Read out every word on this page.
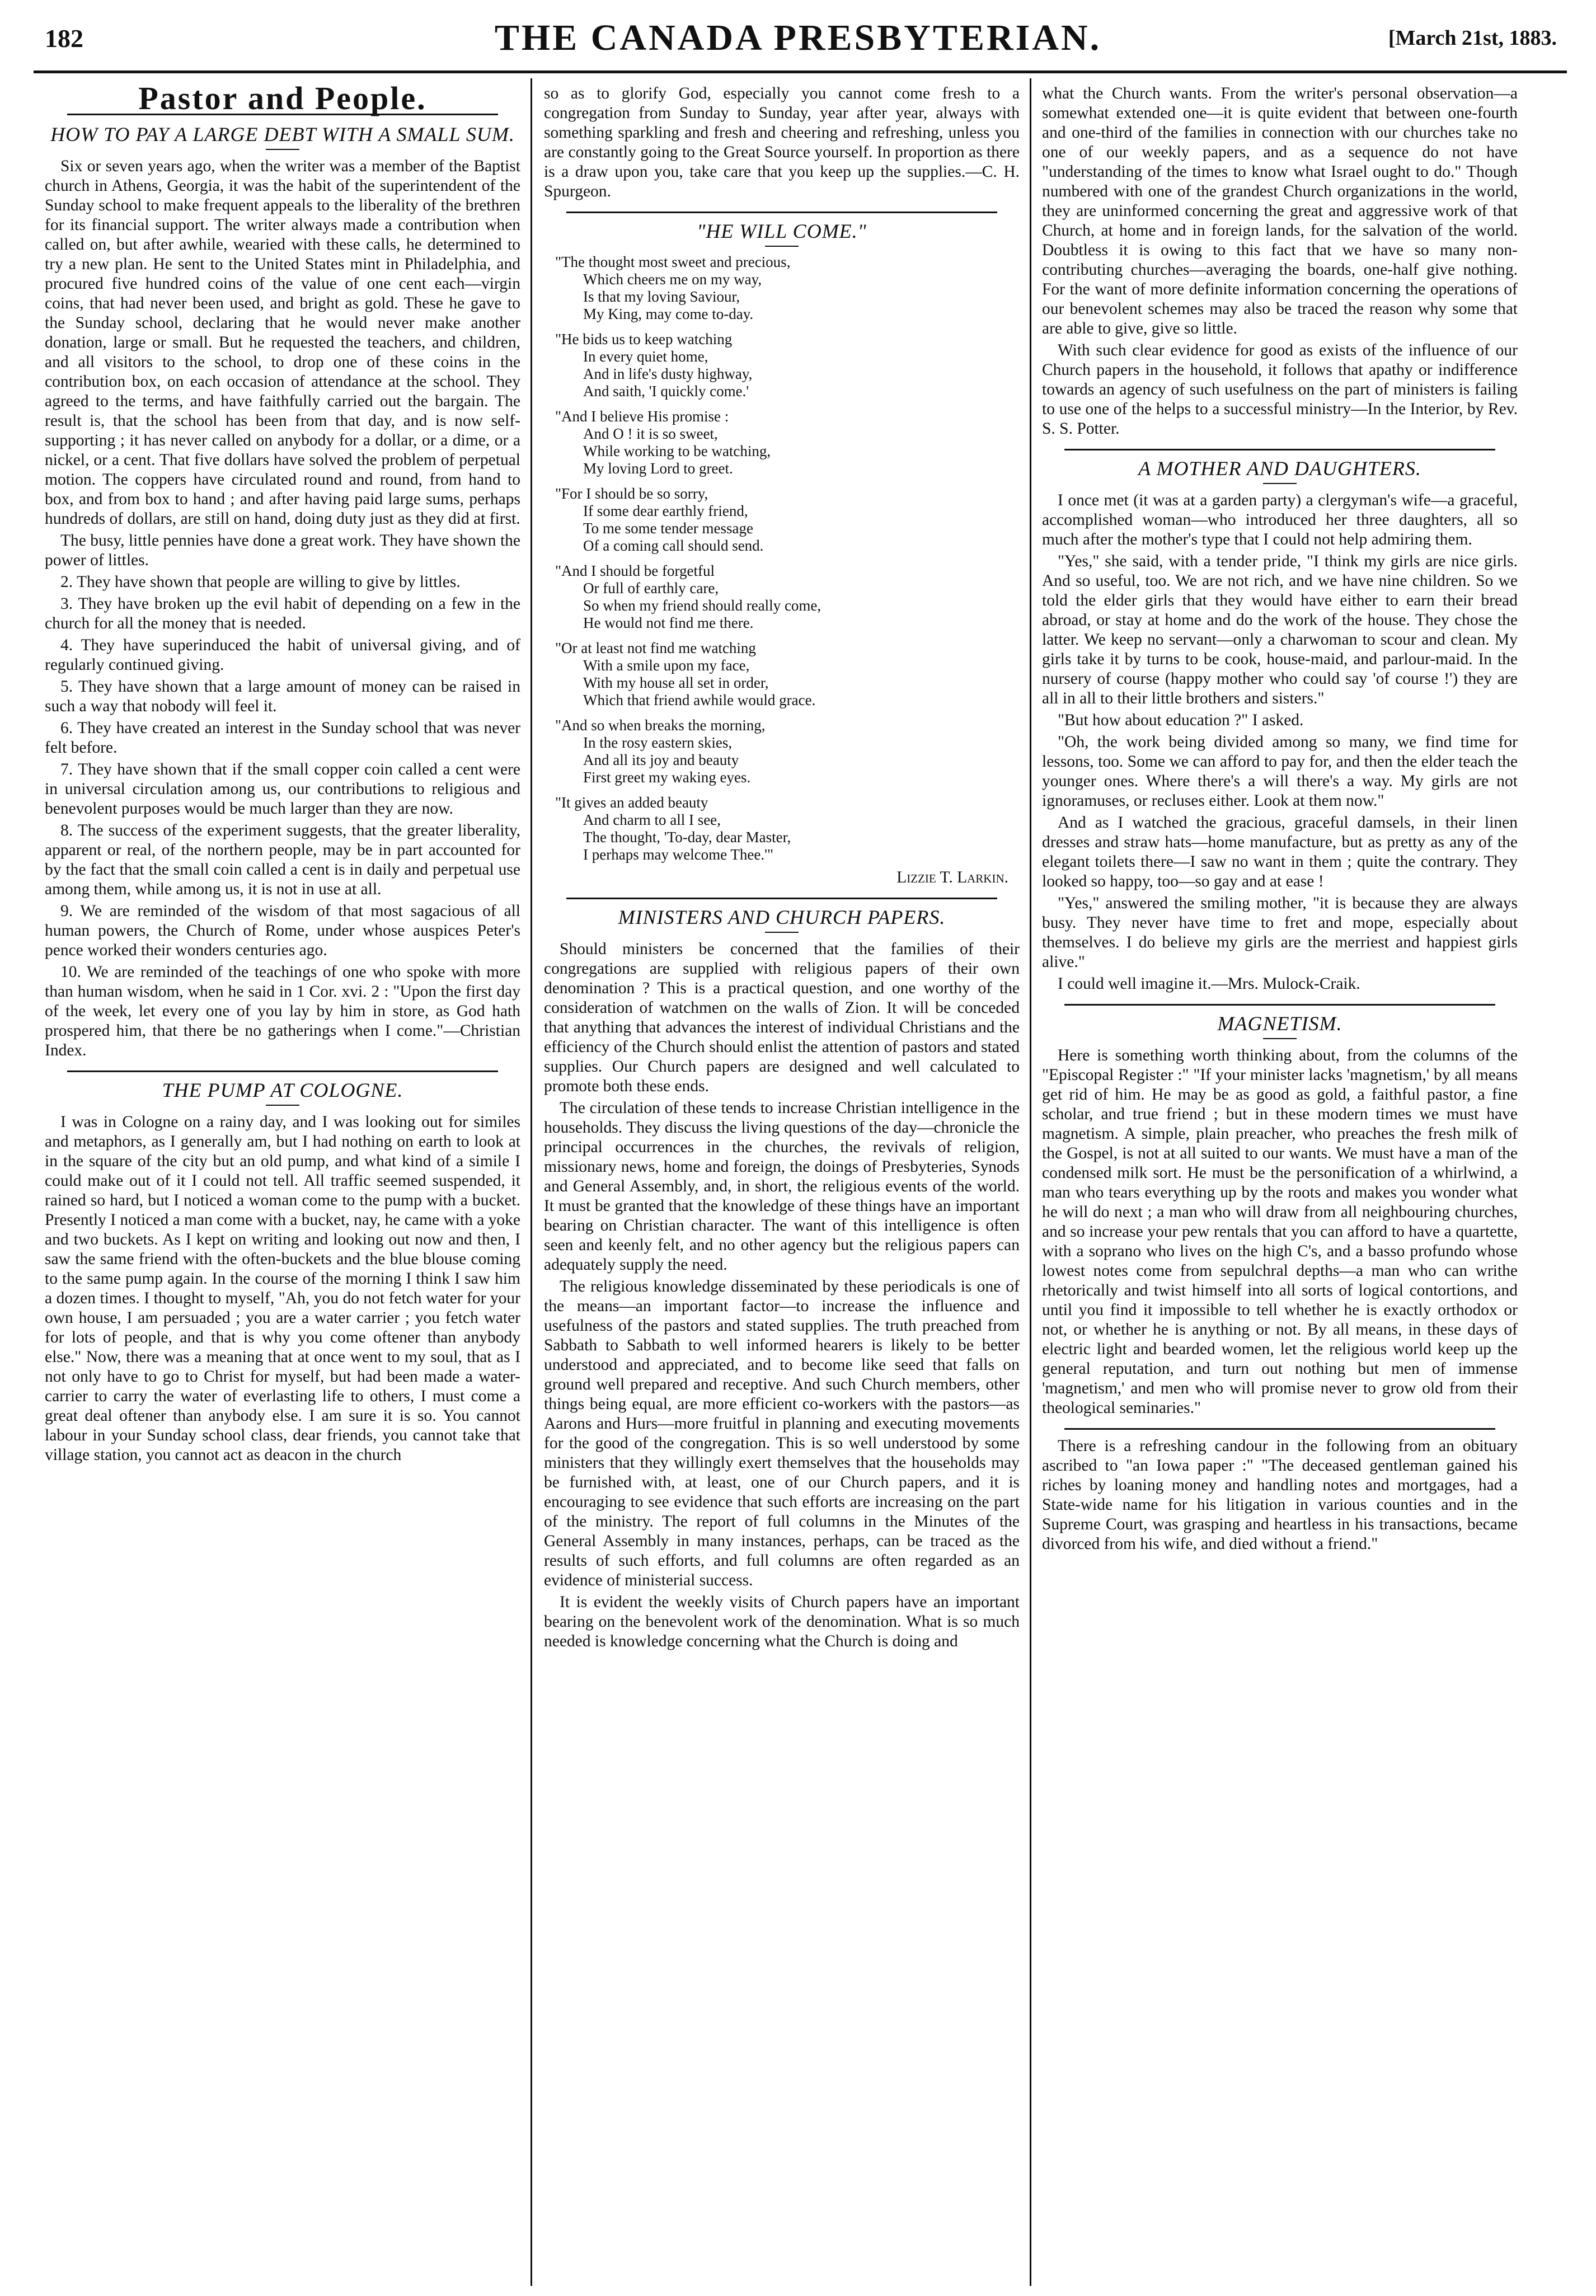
182	THE CANADA PRESBYTERIAN.	[March 21st, 1883.
Pastor and People.
HOW TO PAY A LARGE DEBT WITH A SMALL SUM.

Six or seven years ago, when the writer was a member of the Baptist church in Athens, Georgia, it was the habit of the superintendent of the Sunday school to make frequent appeals to the liberality of the brethren for its financial support. The writer always made a contribution when called on, but after awhile, wearied with these calls, he determined to try a new plan. He sent to the United States mint in Philadelphia, and procured five hundred coins of the value of one cent each—virgin coins, that had never been used, and bright as gold. These he gave to the Sunday school, declaring that he would never make another donation, large or small. But he requested the teachers, and children, and all visitors to the school, to drop one of these coins in the contribution box, on each occasion of attendance at the school. They agreed to the terms, and have faithfully carried out the bargain. The result is, that the school has been from that day, and is now self-supporting ; it has never called on anybody for a dollar, or a dime, or a nickel, or a cent. That five dollars have solved the problem of perpetual motion. The coppers have circulated round and round, from hand to box, and from box to hand ; and after having paid large sums, perhaps hundreds of dollars, are still on hand, doing duty just as they did at first.

The busy, little pennies have done a great work. They have shown the power of littles.

2. They have shown that people are willing to give by littles.

3. They have broken up the evil habit of depending on a few in the church for all the money that is needed.

4. They have superinduced the habit of universal giving, and of regularly continued giving.

5. They have shown that a large amount of money can be raised in such a way that nobody will feel it.

6. They have created an interest in the Sunday school that was never felt before.

7. They have shown that if the small copper coin called a cent were in universal circulation among us, our contributions to religious and benevolent purposes would be much larger than they are now.

8. The success of the experiment suggests, that the greater liberality, apparent or real, of the northern people, may be in part accounted for by the fact that the small coin called a cent is in daily and perpetual use among them, while among us, it is not in use at all.

9. We are reminded of the wisdom of that most sagacious of all human powers, the Church of Rome, under whose auspices Peter's pence worked their wonders centuries ago.

10. We are reminded of the teachings of one who spoke with more than human wisdom, when he said in 1 Cor. xvi. 2 : "Upon the first day of the week, let every one of you lay by him in store, as God hath prospered him, that there be no gatherings when I come."—Christian Index.

THE PUMP AT COLOGNE.

I was in Cologne on a rainy day, and I was looking out for similes and metaphors, as I generally am, but I had nothing on earth to look at in the square of the city but an old pump, and what kind of a simile I could make out of it I could not tell. All traffic seemed suspended, it rained so hard, but I noticed a woman come to the pump with a bucket. Presently I noticed a man come with a bucket, nay, he came with a yoke and two buckets. As I kept on writing and looking out now and then, I saw the same friend with the often-buckets and the blue blouse coming to the same pump again. In the course of the morning I think I saw him a dozen times. I thought to myself, "Ah, you do not fetch water for your own house, I am persuaded ; you are a water carrier ; you fetch water for lots of people, and that is why you come oftener than anybody else." Now, there was a meaning that at once went to my soul, that as I not only have to go to Christ for myself, but had been made a water-carrier to carry the water of everlasting life to others, I must come a great deal oftener than anybody else. I am sure it is so. You cannot labour in your Sunday school class, dear friends, you cannot take that village station, you cannot act as deacon in the church

so as to glorify God, especially you cannot come fresh to a congregation from Sunday to Sunday, year after year, always with something sparkling and fresh and cheering and refreshing, unless you are constantly going to the Great Source yourself. In proportion as there is a draw upon you, take care that you keep up the supplies.—C. H. Spurgeon.

"HE WILL COME."
"The thought most sweet and precious,
Which cheers me on my way,
Is that my loving Saviour,
My King, may come to-day.
"He bids us to keep watching
In every quiet home,
And in life's dusty highway,
And saith, 'I quickly come.'
"And I believe His promise :
And O ! it is so sweet,
While working to be watching,
My loving Lord to greet.
"For I should be so sorry,
If some dear earthly friend,
To me some tender message
Of a coming call should send.
"And I should be forgetful
Or full of earthly care,
So when my friend should really come,
He would not find me there.
"Or at least not find me watching
With a smile upon my face,
With my house all set in order,
Which that friend awhile would grace.
"And so when breaks the morning,
In the rosy eastern skies,
And all its joy and beauty
First greet my waking eyes.
"It gives an added beauty
And charm to all I see,
The thought, 'To-day, dear Master,
I perhaps may welcome Thee.'"
Lizzie T. Larkin.
MINISTERS AND CHURCH PAPERS.

Should ministers be concerned that the families of their congregations are supplied with religious papers of their own denomination ? This is a practical question, and one worthy of the consideration of watchmen on the walls of Zion. It will be conceded that anything that advances the interest of individual Christians and the efficiency of the Church should enlist the attention of pastors and stated supplies. Our Church papers are designed and well calculated to promote both these ends.

The circulation of these tends to increase Christian intelligence in the households. They discuss the living questions of the day—chronicle the principal occurrences in the churches, the revivals of religion, missionary news, home and foreign, the doings of Presbyteries, Synods and General Assembly, and, in short, the religious events of the world. It must be granted that the knowledge of these things have an important bearing on Christian character. The want of this intelligence is often seen and keenly felt, and no other agency but the religious papers can adequately supply the need.

The religious knowledge disseminated by these periodicals is one of the means—an important factor—to increase the influence and usefulness of the pastors and stated supplies. The truth preached from Sabbath to Sabbath to well informed hearers is likely to be better understood and appreciated, and to become like seed that falls on ground well prepared and receptive. And such Church members, other things being equal, are more efficient co-workers with the pastors—as Aarons and Hurs—more fruitful in planning and executing movements for the good of the congregation. This is so well understood by some ministers that they willingly exert themselves that the households may be furnished with, at least, one of our Church papers, and it is encouraging to see evidence that such efforts are increasing on the part of the ministry. The report of full columns in the Minutes of the General Assembly in many instances, perhaps, can be traced as the results of such efforts, and full columns are often regarded as an evidence of ministerial success.

It is evident the weekly visits of Church papers have an important bearing on the benevolent work of the denomination. What is so much needed is knowledge concerning what the Church is doing and

what the Church wants. From the writer's personal observation—a somewhat extended one—it is quite evident that between one-fourth and one-third of the families in connection with our churches take no one of our weekly papers, and as a sequence do not have "understanding of the times to know what Israel ought to do." Though numbered with one of the grandest Church organizations in the world, they are uninformed concerning the great and aggressive work of that Church, at home and in foreign lands, for the salvation of the world. Doubtless it is owing to this fact that we have so many non-contributing churches—averaging the boards, one-half give nothing. For the want of more definite information concerning the operations of our benevolent schemes may also be traced the reason why some that are able to give, give so little.

With such clear evidence for good as exists of the influence of our Church papers in the household, it follows that apathy or indifference towards an agency of such usefulness on the part of ministers is failing to use one of the helps to a successful ministry—In the Interior, by Rev. S. S. Potter.

A MOTHER AND DAUGHTERS.

I once met (it was at a garden party) a clergyman's wife—a graceful, accomplished woman—who introduced her three daughters, all so much after the mother's type that I could not help admiring them.

"Yes," she said, with a tender pride, "I think my girls are nice girls. And so useful, too. We are not rich, and we have nine children. So we told the elder girls that they would have either to earn their bread abroad, or stay at home and do the work of the house. They chose the latter. We keep no servant—only a charwoman to scour and clean. My girls take it by turns to be cook, house-maid, and parlour-maid. In the nursery of course (happy mother who could say 'of course !') they are all in all to their little brothers and sisters."

"But how about education ?" I asked.

"Oh, the work being divided among so many, we find time for lessons, too. Some we can afford to pay for, and then the elder teach the younger ones. Where there's a will there's a way. My girls are not ignoramuses, or recluses either. Look at them now."

And as I watched the gracious, graceful damsels, in their linen dresses and straw hats—home manufacture, but as pretty as any of the elegant toilets there—I saw no want in them ; quite the contrary. They looked so happy, too—so gay and at ease !

"Yes," answered the smiling mother, "it is because they are always busy. They never have time to fret and mope, especially about themselves. I do believe my girls are the merriest and happiest girls alive."

I could well imagine it.—Mrs. Mulock-Craik.

MAGNETISM.

Here is something worth thinking about, from the columns of the "Episcopal Register :" "If your minister lacks 'magnetism,' by all means get rid of him. He may be as good as gold, a faithful pastor, a fine scholar, and true friend ; but in these modern times we must have magnetism. A simple, plain preacher, who preaches the fresh milk of the Gospel, is not at all suited to our wants. We must have a man of the condensed milk sort. He must be the personification of a whirlwind, a man who tears everything up by the roots and makes you wonder what he will do next ; a man who will draw from all neighbouring churches, and so increase your pew rentals that you can afford to have a quartette, with a soprano who lives on the high C's, and a basso profundo whose lowest notes come from sepulchral depths—a man who can writhe rhetorically and twist himself into all sorts of logical contortions, and until you find it impossible to tell whether he is exactly orthodox or not, or whether he is anything or not. By all means, in these days of electric light and bearded women, let the religious world keep up the general reputation, and turn out nothing but men of immense 'magnetism,' and men who will promise never to grow old from their theological seminaries."

There is a refreshing candour in the following from an obituary ascribed to "an Iowa paper :" "The deceased gentleman gained his riches by loaning money and handling notes and mortgages, had a State-wide name for his litigation in various counties and in the Supreme Court, was grasping and heartless in his transactions, became divorced from his wife, and died without a friend."
